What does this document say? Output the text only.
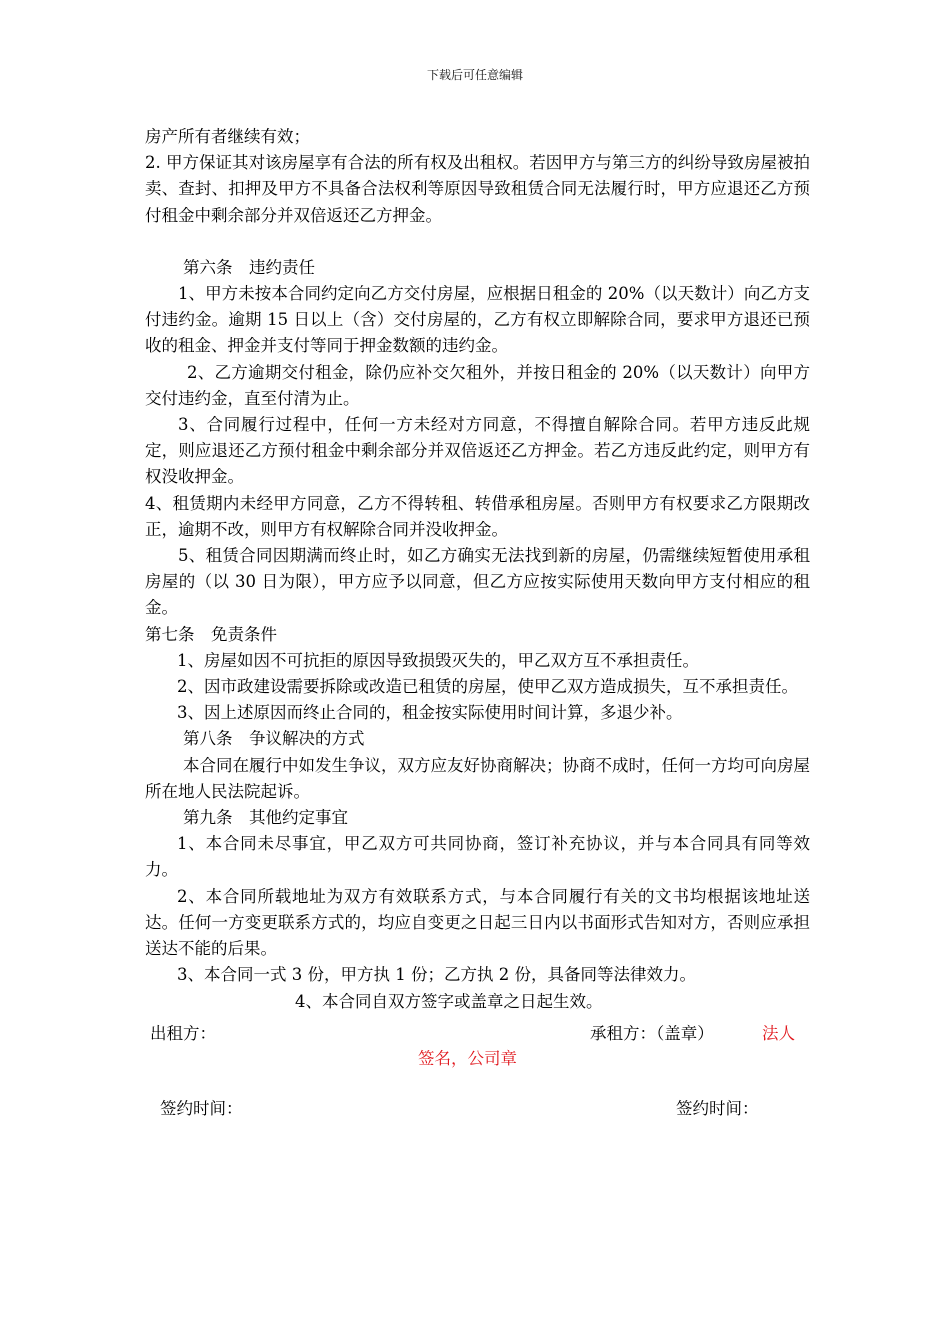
下载后可任意编辑

房产所有者继续有效；

2. 甲方保证其对该房屋享有合法的所有权及出租权。若因甲方与第三方的纠纷导致房屋被拍卖、查封、扣押及甲方不具备合法权利等原因导致租赁合同无法履行时，甲方应退还乙方预付租金中剩余部分并双倍返还乙方押金。

第六条　违约责任

1、甲方未按本合同约定向乙方交付房屋，应根据日租金的 20%（以天数计）向乙方支付违约金。逾期 15 日以上（含）交付房屋的，乙方有权立即解除合同，要求甲方退还已预收的租金、押金并支付等同于押金数额的违约金。

2、乙方逾期交付租金，除仍应补交欠租外，并按日租金的 20%（以天数计）向甲方交付违约金，直至付清为止。

3、合同履行过程中，任何一方未经对方同意，不得擅自解除合同。若甲方违反此规定，则应退还乙方预付租金中剩余部分并双倍返还乙方押金。若乙方违反此约定，则甲方有权没收押金。

4、租赁期内未经甲方同意，乙方不得转租、转借承租房屋。否则甲方有权要求乙方限期改正，逾期不改，则甲方有权解除合同并没收押金。

5、租赁合同因期满而终止时，如乙方确实无法找到新的房屋，仍需继续短暂使用承租房屋的（以 30 日为限），甲方应予以同意，但乙方应按实际使用天数向甲方支付相应的租金。

第七条　免责条件

1、房屋如因不可抗拒的原因导致损毁灭失的，甲乙双方互不承担责任。

2、因市政建设需要拆除或改造已租赁的房屋，使甲乙双方造成损失，互不承担责任。

3、因上述原因而终止合同的，租金按实际使用时间计算，多退少补。

第八条　争议解决的方式

本合同在履行中如发生争议，双方应友好协商解决；协商不成时，任何一方均可向房屋所在地人民法院起诉。

第九条　其他约定事宜

1、本合同未尽事宜，甲乙双方可共同协商，签订补充协议，并与本合同具有同等效力。

2、本合同所载地址为双方有效联系方式，与本合同履行有关的文书均根据该地址送达。任何一方变更联系方式的，均应自变更之日起三日内以书面形式告知对方，否则应承担送达不能的后果。

3、本合同一式 3 份，甲方执 1 份；乙方执 2 份，具备同等法律效力。

4、本合同自双方签字或盖章之日起生效。

出租方：	承租方：（盖章）	法人
签名，公司章
签约时间：	签约时间：
